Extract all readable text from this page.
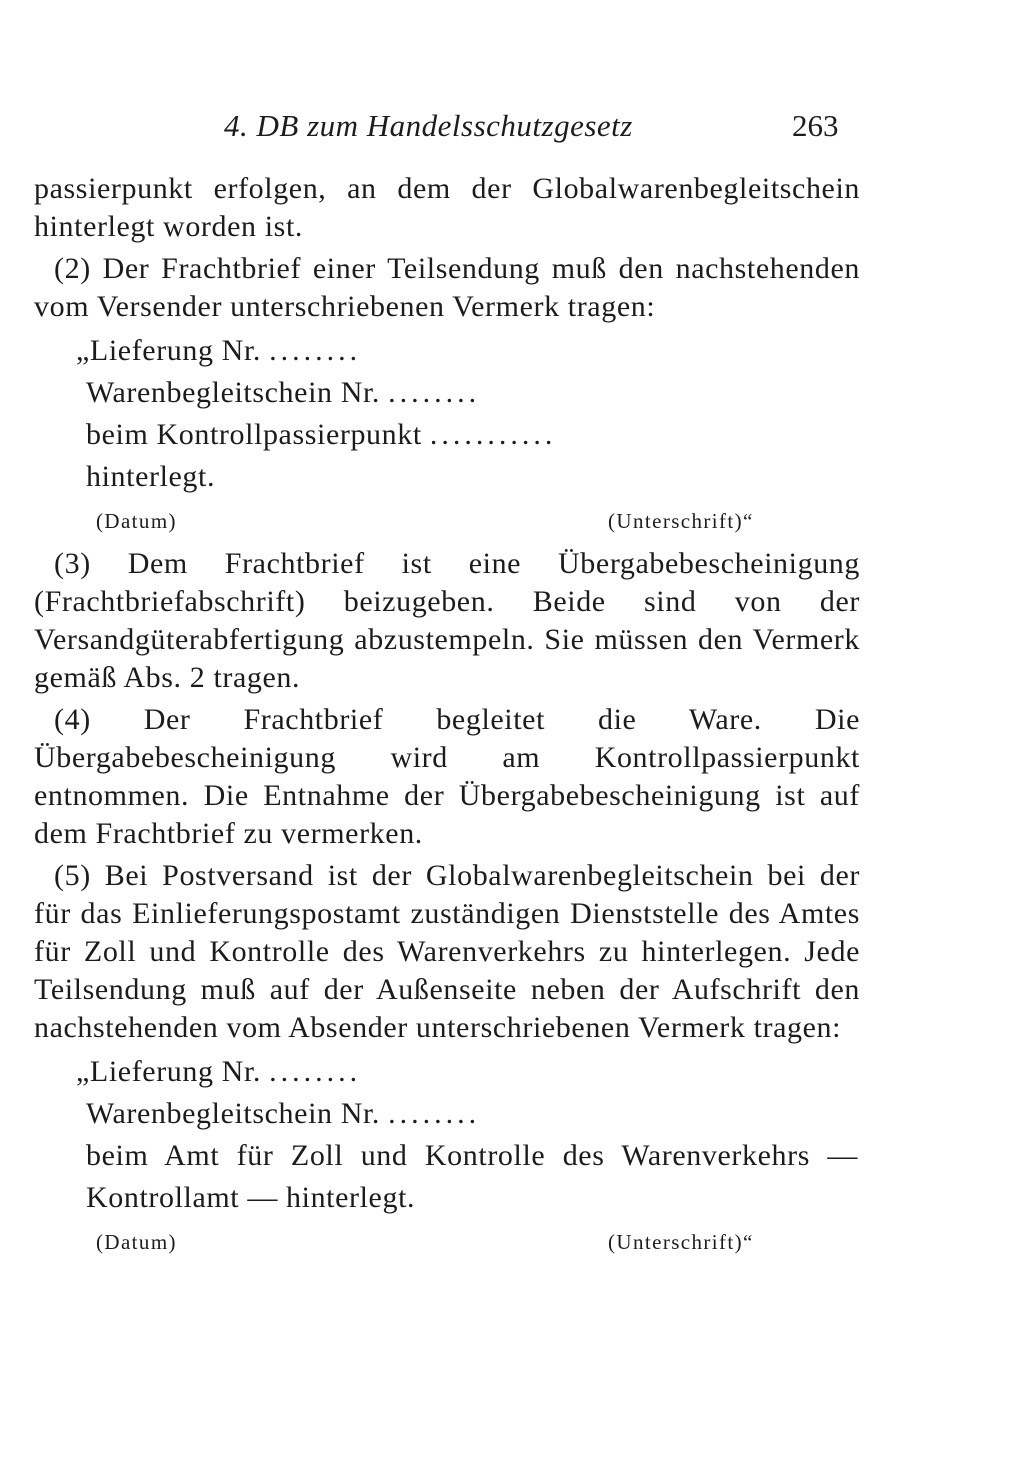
4. DB zum Handelsschutzgesetz	263

passierpunkt erfolgen, an dem der Globalwarenbegleitschein hinterlegt worden ist.

(2) Der Frachtbrief einer Teilsendung muß den nachstehenden vom Versender unterschriebenen Vermerk tragen:

„Lieferung Nr. ........
Warenbegleitschein Nr. ........
beim Kontrollpassierpunkt ...........
hinterlegt.
(Datum)	(Unterschrift)“

(3) Dem Frachtbrief ist eine Übergabebescheinigung (Frachtbriefabschrift) beizugeben. Beide sind von der Versandgüterabfertigung abzustempeln. Sie müssen den Vermerk gemäß Abs. 2 tragen.

(4) Der Frachtbrief begleitet die Ware. Die Übergabebescheinigung wird am Kontrollpassierpunkt entnommen. Die Entnahme der Übergabebescheinigung ist auf dem Frachtbrief zu vermerken.

(5) Bei Postversand ist der Globalwarenbegleitschein bei der für das Einlieferungspostamt zuständigen Dienststelle des Amtes für Zoll und Kontrolle des Warenverkehrs zu hinterlegen. Jede Teilsendung muß auf der Außenseite neben der Aufschrift den nachstehenden vom Absender unterschriebenen Vermerk tragen:

„Lieferung Nr. ........
Warenbegleitschein Nr. ........
beim Amt für Zoll und Kontrolle des Warenverkehrs — Kontrollamt — hinterlegt.
(Datum)	(Unterschrift)“
